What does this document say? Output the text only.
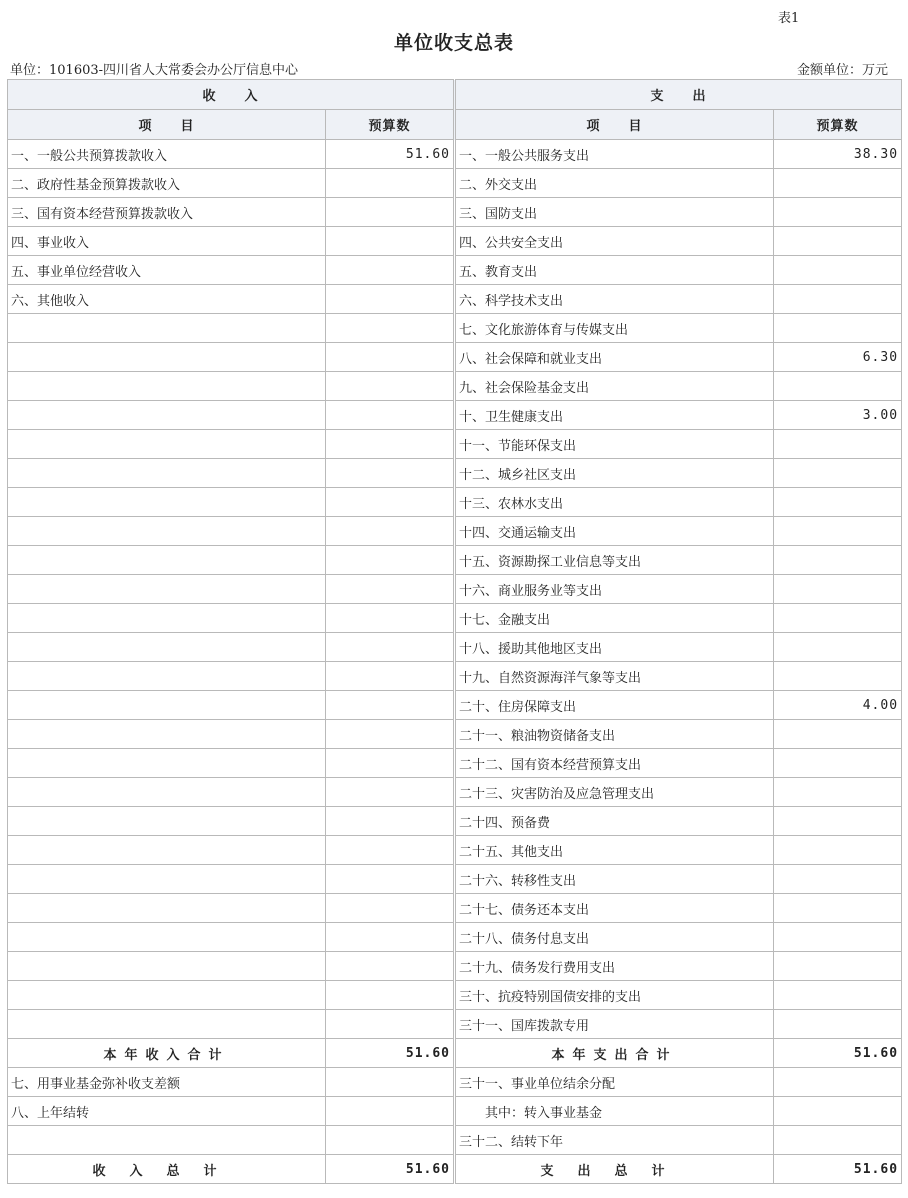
表1
单位收支总表
单位：101603-四川省人大常委会办公厅信息中心	金额单位：万元
收　　入			支　　出	
项　　目	预算数		项　　目	预算数
一、一般公共预算拨款收入	51.60		一、一般公共服务支出	38.30
二、政府性基金预算拨款收入			二、外交支出	
三、国有资本经营预算拨款收入			三、国防支出	
四、事业收入			四、公共安全支出	
五、事业单位经营收入			五、教育支出	
六、其他收入			六、科学技术支出	
			七、文化旅游体育与传媒支出	
			八、社会保障和就业支出	6.30
			九、社会保险基金支出	
			十、卫生健康支出	3.00
			十一、节能环保支出	
			十二、城乡社区支出	
			十三、农林水支出	
			十四、交通运输支出	
			十五、资源勘探工业信息等支出	
			十六、商业服务业等支出	
			十七、金融支出	
			十八、援助其他地区支出	
			十九、自然资源海洋气象等支出	
			二十、住房保障支出	4.00
			二十一、粮油物资储备支出	
			二十二、国有资本经营预算支出	
			二十三、灾害防治及应急管理支出	
			二十四、预备费	
			二十五、其他支出	
			二十六、转移性支出	
			二十七、债务还本支出	
			二十八、债务付息支出	
			二十九、债务发行费用支出	
			三十、抗疫特别国债安排的支出	
			三十一、国库拨款专用	
本年收入合计	51.60		本年支出合计	51.60
七、用事业基金弥补收支差额			三十一、事业单位结余分配	
八、上年结转			　　其中：转入事业基金	
			三十二、结转下年	
收入总计	51.60		支出总计	51.60
